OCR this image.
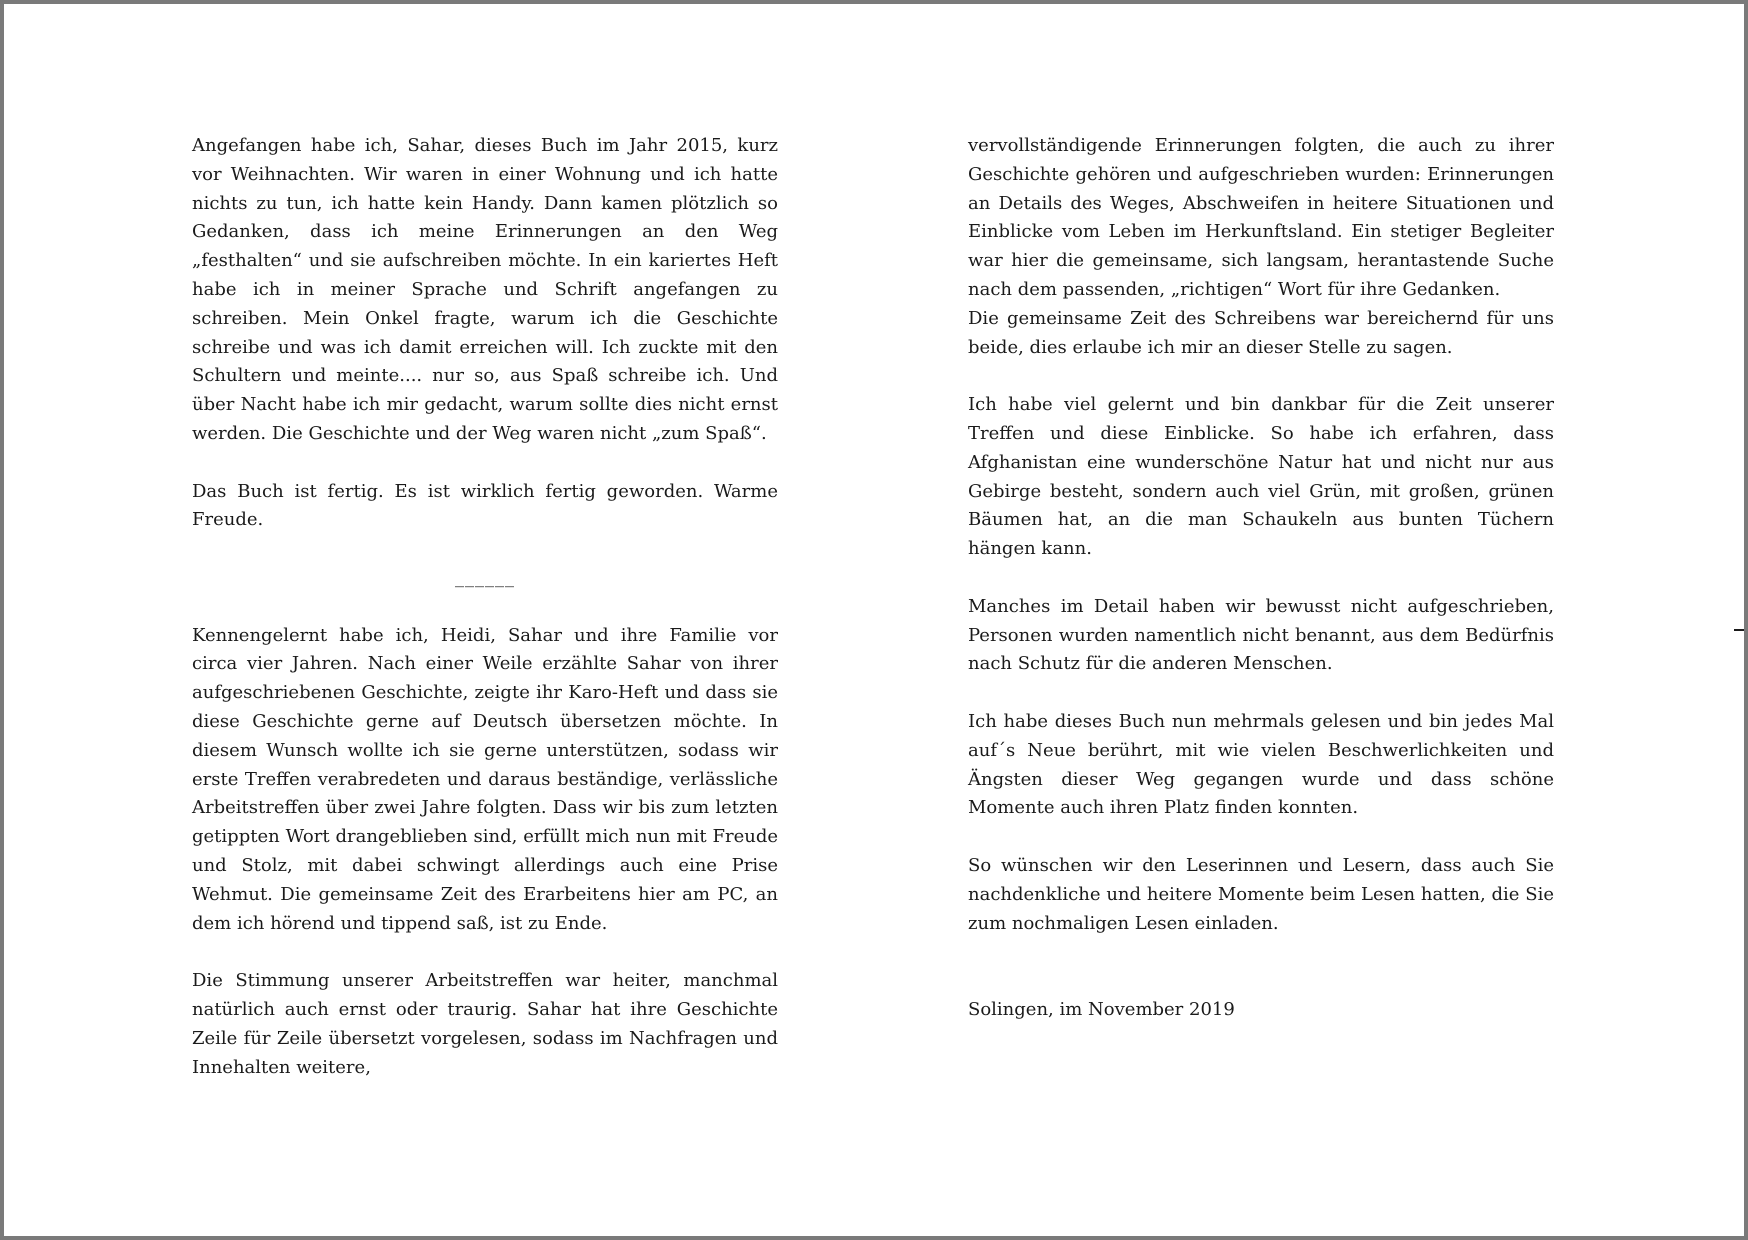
Angefangen habe ich, Sahar, dieses Buch im Jahr 2015, kurz vor Weihnachten. Wir waren in einer Wohnung und ich hatte nichts zu tun, ich hatte kein Handy. Dann kamen plötzlich so Gedanken, dass ich meine Erinnerungen an den Weg „festhalten“ und sie aufschreiben möchte. In ein kariertes Heft habe ich in meiner Sprache und Schrift angefangen zu schreiben. Mein Onkel fragte, warum ich die Geschichte schreibe und was ich damit erreichen will. Ich zuckte mit den Schultern und meinte.... nur so, aus Spaß schreibe ich. Und über Nacht habe ich mir gedacht, warum sollte dies nicht ernst werden. Die Geschichte und der Weg waren nicht „zum Spaß“.

Das Buch ist fertig. Es ist wirklich fertig geworden. Warme Freude.

______

Kennengelernt habe ich, Heidi, Sahar und ihre Familie vor circa vier Jahren. Nach einer Weile erzählte Sahar von ihrer aufgeschriebenen Geschichte, zeigte ihr Karo-Heft und dass sie diese Geschichte gerne auf Deutsch übersetzen möchte. In diesem Wunsch wollte ich sie gerne unterstützen, sodass wir erste Treffen verabredeten und daraus beständige, verlässliche Arbeitstreffen über zwei Jahre folgten. Dass wir bis zum letzten getippten Wort drangeblieben sind, erfüllt mich nun mit Freude und Stolz, mit dabei schwingt allerdings auch eine Prise Wehmut. Die gemeinsame Zeit des Erarbeitens hier am PC, an dem ich hörend und tippend saß, ist zu Ende.

Die Stimmung unserer Arbeitstreffen war heiter, manchmal natürlich auch ernst oder traurig. Sahar hat ihre Geschichte Zeile für Zeile übersetzt vorgelesen, sodass im Nachfragen und Innehalten weitere,

vervollständigende Erinnerungen folgten, die auch zu ihrer Geschichte gehören und aufgeschrieben wurden: Erinnerungen an Details des Weges, Abschweifen in heitere Situationen und Einblicke vom Leben im Herkunftsland. Ein stetiger Begleiter war hier die gemeinsame, sich langsam, herantastende Suche nach dem passenden, „richtigen“ Wort für ihre Gedanken.

Die gemeinsame Zeit des Schreibens war bereichernd für uns beide, dies erlaube ich mir an dieser Stelle zu sagen.

Ich habe viel gelernt und bin dankbar für die Zeit unserer Treffen und diese Einblicke. So habe ich erfahren, dass Afghanistan eine wunderschöne Natur hat und nicht nur aus Gebirge besteht, sondern auch viel Grün, mit großen, grünen Bäumen hat, an die man Schaukeln aus bunten Tüchern hängen kann.

Manches im Detail haben wir bewusst nicht aufgeschrieben, Personen wurden namentlich nicht benannt, aus dem Bedürfnis nach Schutz für die anderen Menschen.

Ich habe dieses Buch nun mehrmals gelesen und bin jedes Mal auf´s Neue berührt, mit wie vielen Beschwerlichkeiten und Ängsten dieser Weg gegangen wurde und dass schöne Momente auch ihren Platz finden konnten.

So wünschen wir den Leserinnen und Lesern, dass auch Sie nachdenkliche und heitere Momente beim Lesen hatten, die Sie zum nochmaligen Lesen einladen.

Solingen, im November 2019
